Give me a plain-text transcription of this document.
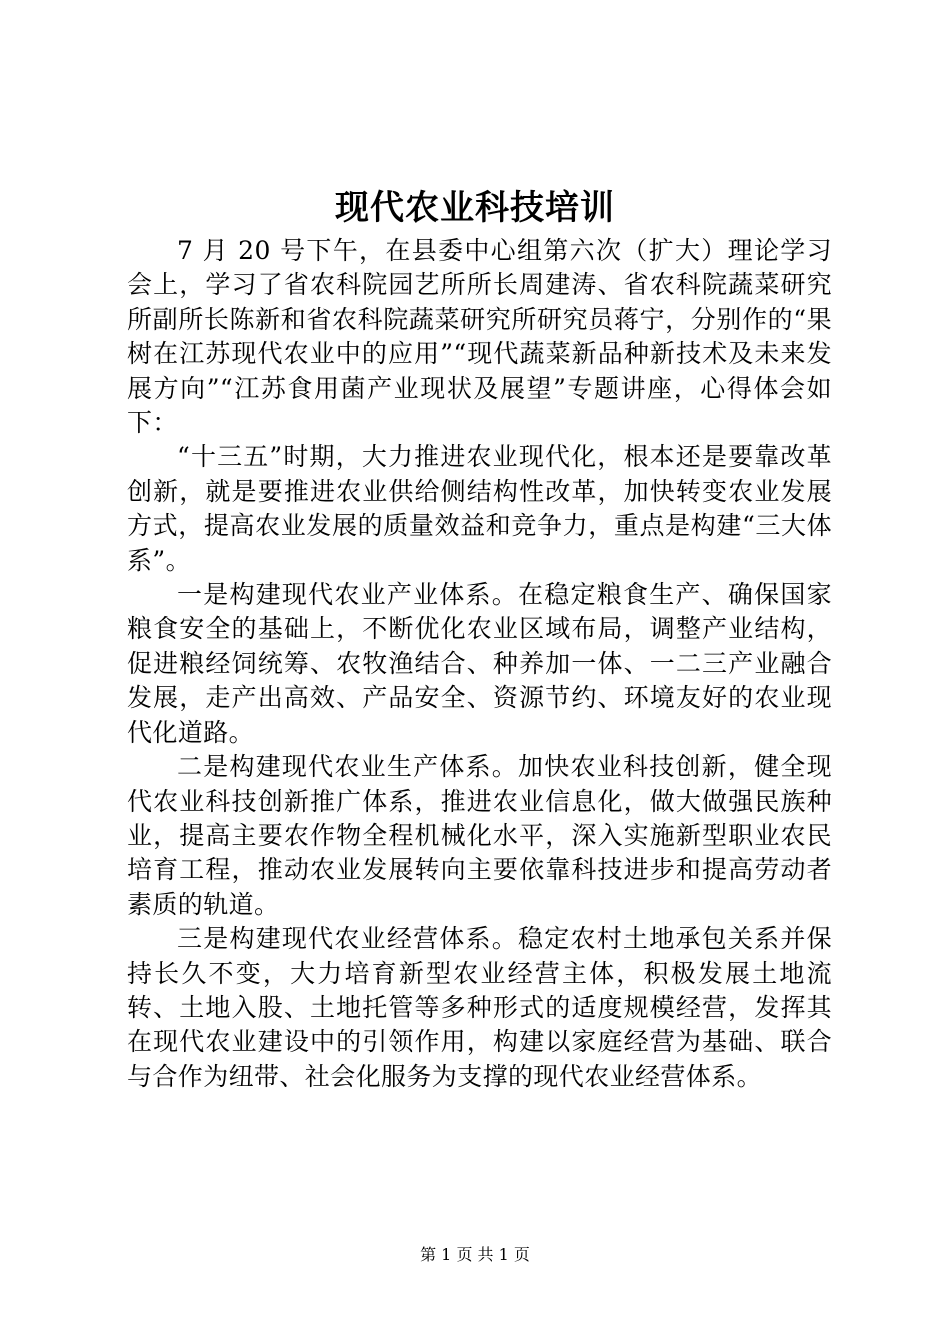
现代农业科技培训

7 月 20 号下午，在县委中心组第六次（扩大）理论学习会上，学习了省农科院园艺所所长周建涛、省农科院蔬菜研究所副所长陈新和省农科院蔬菜研究所研究员蒋宁，分别作的“果树在江苏现代农业中的应用”“现代蔬菜新品种新技术及未来发展方向”“江苏食用菌产业现状及展望”专题讲座，心得体会如下：

“十三五”时期，大力推进农业现代化，根本还是要靠改革创新，就是要推进农业供给侧结构性改革，加快转变农业发展方式，提高农业发展的质量效益和竞争力，重点是构建“三大体系”。

一是构建现代农业产业体系。在稳定粮食生产、确保国家粮食安全的基础上，不断优化农业区域布局，调整产业结构，促进粮经饲统筹、农牧渔结合、种养加一体、一二三产业融合发展，走产出高效、产品安全、资源节约、环境友好的农业现代化道路。

二是构建现代农业生产体系。加快农业科技创新，健全现代农业科技创新推广体系，推进农业信息化，做大做强民族种业，提高主要农作物全程机械化水平，深入实施新型职业农民培育工程，推动农业发展转向主要依靠科技进步和提高劳动者素质的轨道。

三是构建现代农业经营体系。稳定农村土地承包关系并保持长久不变，大力培育新型农业经营主体，积极发展土地流转、土地入股、土地托管等多种形式的适度规模经营，发挥其在现代农业建设中的引领作用，构建以家庭经营为基础、联合与合作为纽带、社会化服务为支撑的现代农业经营体系。

第 1 页 共 1 页
